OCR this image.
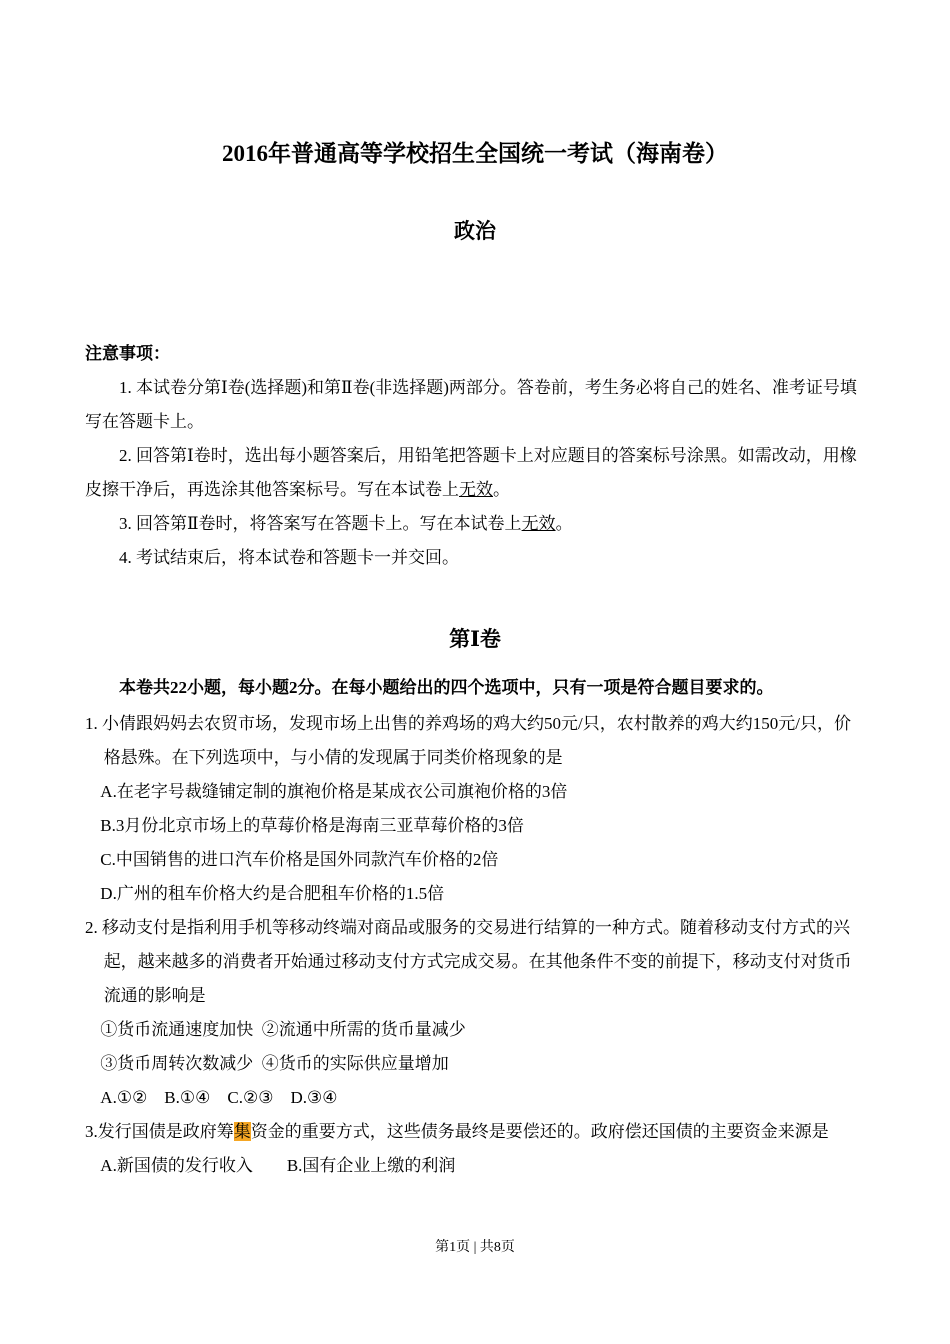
2016年普通高等学校招生全国统一考试（海南卷）
政治

注意事项：

1. 本试卷分第Ⅰ卷(选择题)和第Ⅱ卷(非选择题)两部分。答卷前，考生务必将自己的姓名、准考证号填写在答题卡上。

2. 回答第Ⅰ卷时，选出每小题答案后，用铅笔把答题卡上对应题目的答案标号涂黑。如需改动，用橡皮擦干净后，再选涂其他答案标号。写在本试卷上无效。

3. 回答第Ⅱ卷时，将答案写在答题卡上。写在本试卷上无效。

4. 考试结束后，将本试卷和答题卡一并交回。

第Ⅰ卷

本卷共22小题，每小题2分。在每小题给出的四个选项中，只有一项是符合题目要求的。

1. 小倩跟妈妈去农贸市场，发现市场上出售的养鸡场的鸡大约50元/只，农村散养的鸡大约150元/只，价格悬殊。在下列选项中，与小倩的发现属于同类价格现象的是

A.在老字号裁缝铺定制的旗袍价格是某成衣公司旗袍价格的3倍

B.3月份北京市场上的草莓价格是海南三亚草莓价格的3倍

C.中国销售的进口汽车价格是国外同款汽车价格的2倍

D.广州的租车价格大约是合肥租车价格的1.5倍

2. 移动支付是指利用手机等移动终端对商品或服务的交易进行结算的一种方式。随着移动支付方式的兴起，越来越多的消费者开始通过移动支付方式完成交易。在其他条件不变的前提下，移动支付对货币流通的影响是

①货币流通速度加快  ②流通中所需的货币量减少

③货币周转次数减少  ④货币的实际供应量增加

A.①②    B.①④    C.②③    D.③④

3.发行国债是政府筹集资金的重要方式，这些债务最终是要偿还的。政府偿还国债的主要资金来源是

A.新国债的发行收入        B.国有企业上缴的利润

第1页 | 共8页
